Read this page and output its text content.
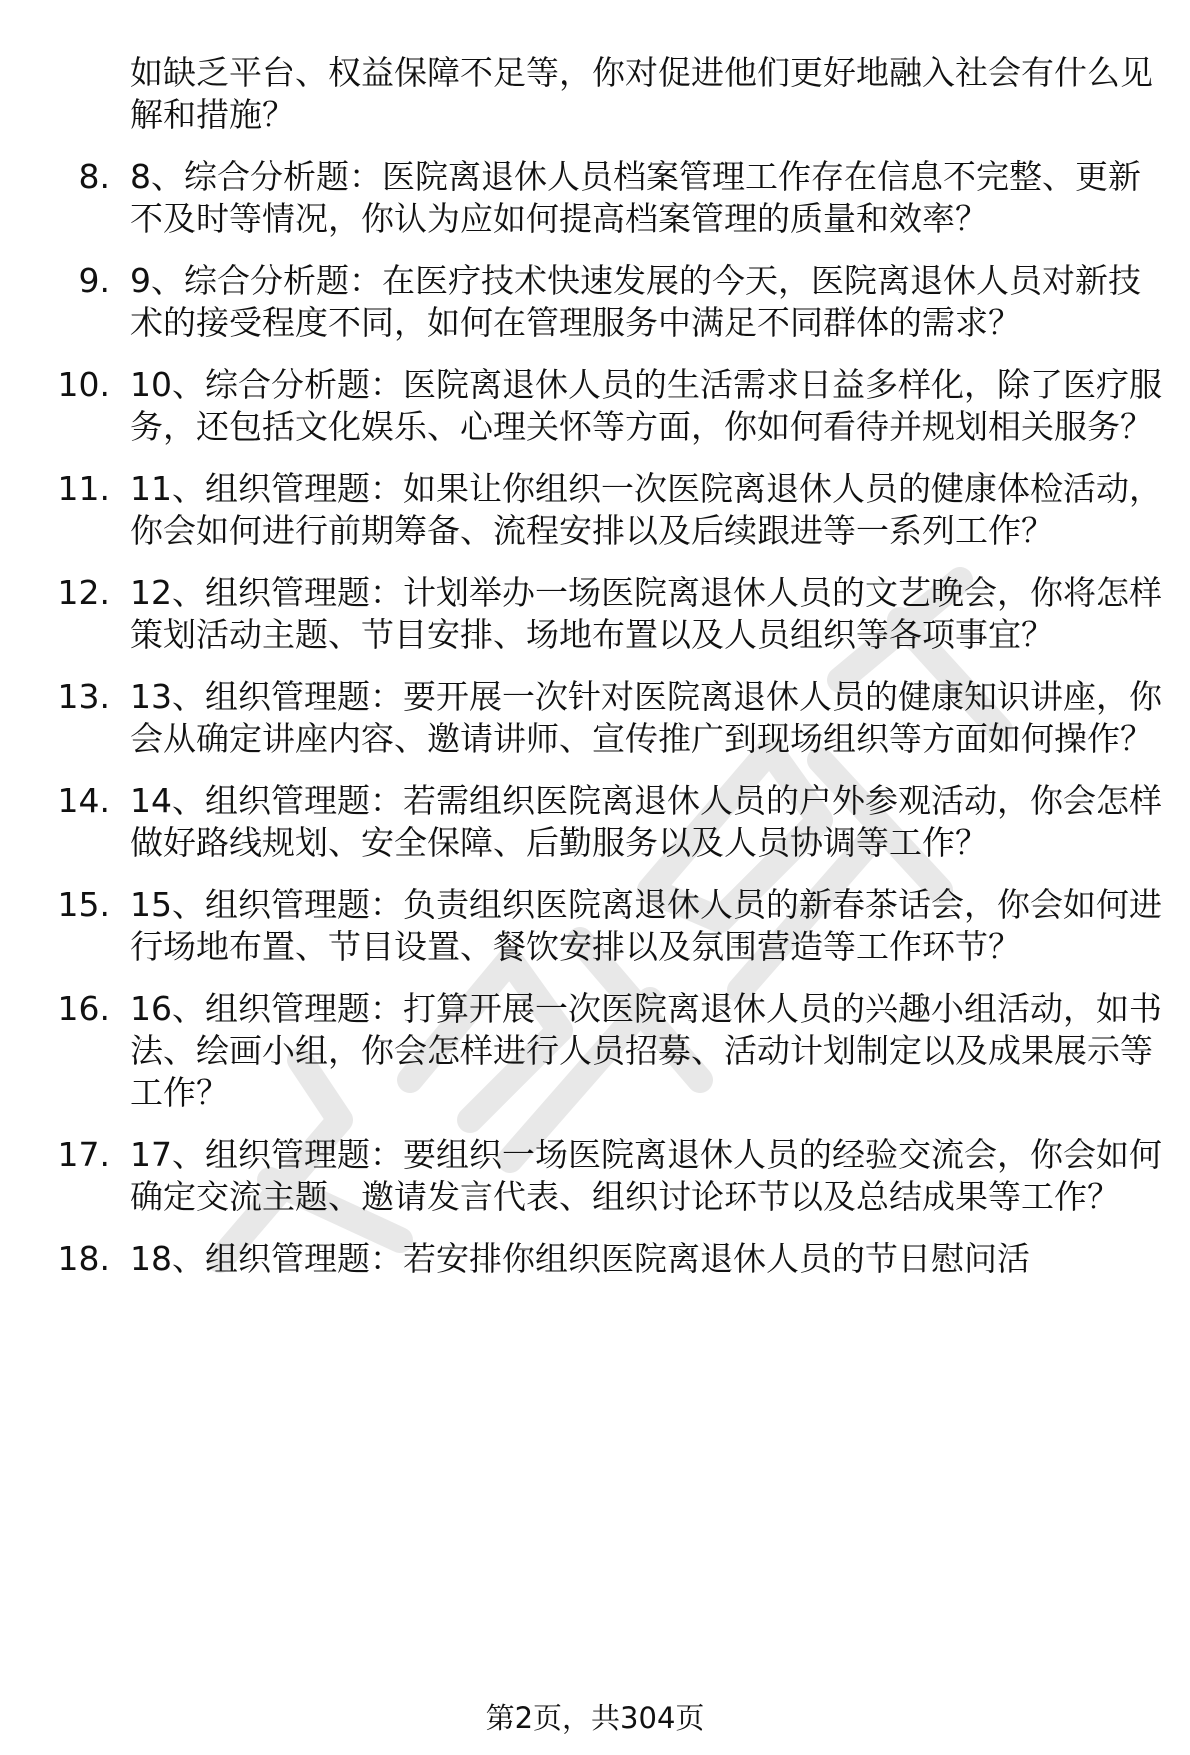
如缺乏平台、权益保障不足等，你对促进他们更好地融入社会有什么见解和措施？

8. 8、综合分析题：医院离退休人员档案管理工作存在信息不完整、更新不及时等情况，你认为应如何提高档案管理的质量和效率？
9. 9、综合分析题：在医疗技术快速发展的今天，医院离退休人员对新技术的接受程度不同，如何在管理服务中满足不同群体的需求？
10. 10、综合分析题：医院离退休人员的生活需求日益多样化，除了医疗服务，还包括文化娱乐、心理关怀等方面，你如何看待并规划相关服务？
11. 11、组织管理题：如果让你组织一次医院离退休人员的健康体检活动，你会如何进行前期筹备、流程安排以及后续跟进等一系列工作？
12. 12、组织管理题：计划举办一场医院离退休人员的文艺晚会，你将怎样策划活动主题、节目安排、场地布置以及人员组织等各项事宜？
13. 13、组织管理题：要开展一次针对医院离退休人员的健康知识讲座，你会从确定讲座内容、邀请讲师、宣传推广到现场组织等方面如何操作？
14. 14、组织管理题：若需组织医院离退休人员的户外参观活动，你会怎样做好路线规划、安全保障、后勤服务以及人员协调等工作？
15. 15、组织管理题：负责组织医院离退休人员的新春茶话会，你会如何进行场地布置、节目设置、餐饮安排以及氛围营造等工作环节？
16. 16、组织管理题：打算开展一次医院离退休人员的兴趣小组活动，如书法、绘画小组，你会怎样进行人员招募、活动计划制定以及成果展示等工作？
17. 17、组织管理题：要组织一场医院离退休人员的经验交流会，你会如何确定交流主题、邀请发言代表、组织讨论环节以及总结成果等工作？
18. 18、组织管理题：若安排你组织医院离退休人员的节日慰问活
第2页，共304页
